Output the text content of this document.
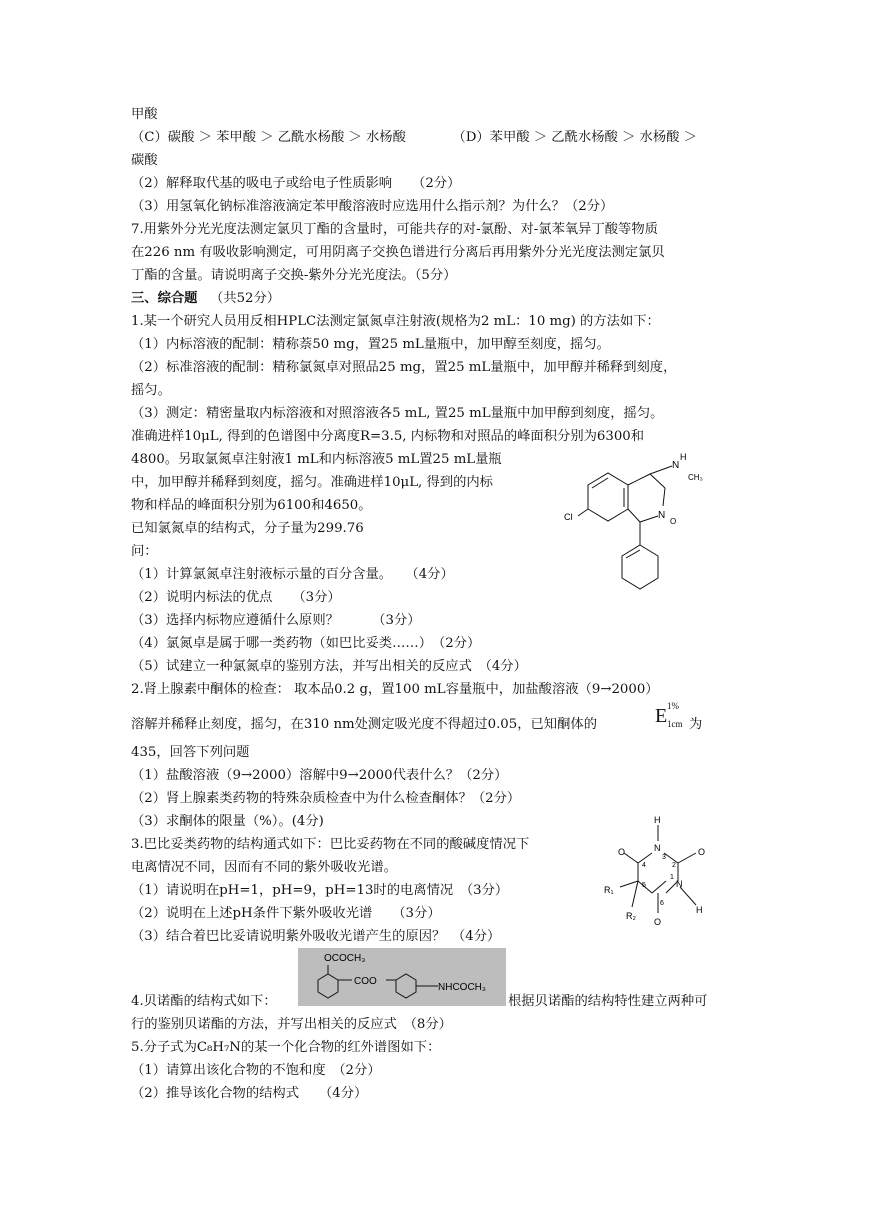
甲酸
（C）碳酸 ＞ 苯甲酸 ＞ 乙酰水杨酸 ＞ 水杨酸　　　　（D）苯甲酸 ＞ 乙酰水杨酸 ＞ 水杨酸 ＞
碳酸
（2）解释取代基的吸电子或给电子性质影响　　（2分）
（3）用氢氧化钠标准溶液滴定苯甲酸溶液时应选用什么指示剂？为什么？（2分）
7.用紫外分光光度法测定氯贝丁酯的含量时，可能共存的对-氯酚、对-氯苯氧异丁酸等物质
在226 nm 有吸收影响测定，可用阴离子交换色谱进行分离后再用紫外分光光度法测定氯贝
丁酯的含量。请说明离子交换-紫外分光光度法。（5分）
三、综合题 （共52分）
1.某一个研究人员用反相HPLC法测定氯氮卓注射液(规格为2 mL：10 mg) 的方法如下：
（1）内标溶液的配制：精称萘50 mg，置25 mL量瓶中，加甲醇至刻度，摇匀。
（2）标准溶液的配制：精称氯氮卓对照品25 mg，置25 mL量瓶中，加甲醇并稀释到刻度，
摇匀。
（3）测定：精密量取内标溶液和对照溶液各5 mL, 置25 mL量瓶中加甲醇到刻度，摇匀。
准确进样10μL, 得到的色谱图中分离度R=3.5, 内标物和对照品的峰面积分别为6300和
4800。另取氯氮卓注射液1 mL和内标溶液5 mL置25 mL量瓶
中，加甲醇并稀释到刻度，摇匀。准确进样10μL, 得到的内标
物和样品的峰面积分别为6100和4650。
已知氯氮卓的结构式，分子量为299.76
问：
（1）计算氯氮卓注射液标示量的百分含量。　　（4分）
（2）说明内标法的优点　　（3分）
（3）选择内标物应遵循什么原则？　　　（3分）
（4）氯氮卓是属于哪一类药物（如巴比妥类……）　（2分）
（5）试建立一种氯氮卓的鉴别方法，并写出相关的反应式　（4分）
2.肾上腺素中酮体的检查： 取本品0.2 g，置100 mL容量瓶中，加盐酸溶液（9→2000）
溶解并稀释止刻度，摇匀，在310 nm处测定吸光度不得超过0.05，已知酮体的	E 1%
1cm 为
435，回答下列问题
（1）盐酸溶液（9→2000）溶解中9→2000代表什么？（2分）
（2）肾上腺素类药物的特殊杂质检查中为什么检查酮体？（2分）
（3）求酮体的限量（%）。(4分)
3.巴比妥类药物的结构通式如下：巴比妥药物在不同的酸碱度情况下
电离情况不同，因而有不同的紫外吸收光谱。
（1）请说明在pH=1，pH=9，pH=13时的电离情况　（3分）
（2）说明在上述pH条件下紫外吸收光谱　　（3分）
（3）结合着巴比妥请说明紫外吸收光谱产生的原因？　（4分）
4.贝诺酯的结构式如下：
OCOCH₃
COO
NHCOCH₃
根据贝诺酯的结构特性建立两种可
行的鉴别贝诺酯的方法，并写出相关的反应式　（8分）
5.分子式为C₈H₇N的某一个化合物的红外谱图如下：
（1）请算出该化合物的不饱和度　（2分）
（2）推导该化合物的结构式　　（4分）
N
H
CH₃
N
O
Cl
H
N
3
4	2
O	O
R₁	5	N
1
H
R₂
6
O
